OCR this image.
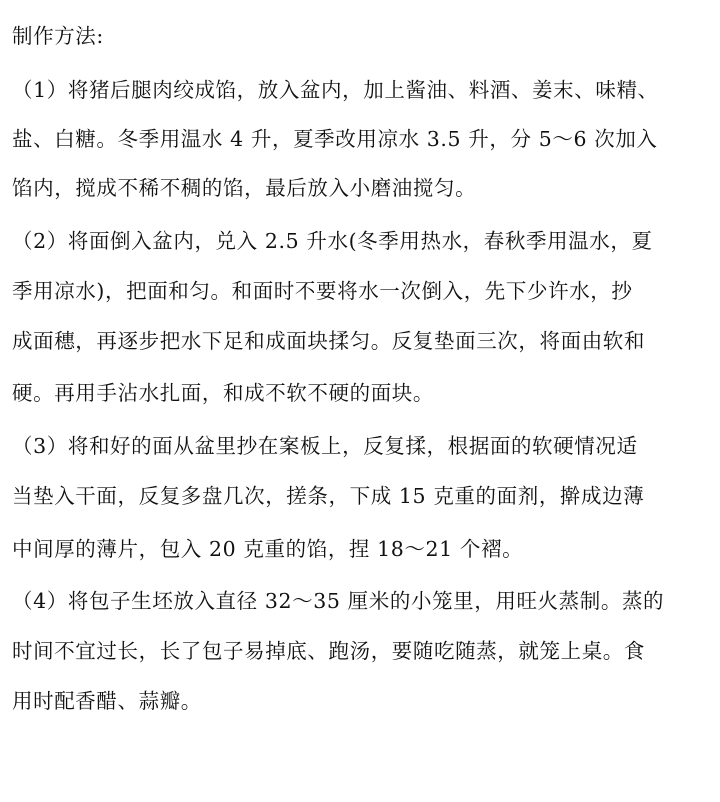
制作方法:
（1）将猪后腿肉绞成馅，放入盆内，加上酱油、料酒、姜末、味精、
盐、白糖。冬季用温水 4 升，夏季改用凉水 3.5 升，分 5～6 次加入
馅内，搅成不稀不稠的馅，最后放入小磨油搅匀。
（2）将面倒入盆内，兑入 2.5 升水(冬季用热水，春秋季用温水，夏
季用凉水)，把面和匀。和面时不要将水一次倒入，先下少许水，抄
成面穗，再逐步把水下足和成面块揉匀。反复垫面三次，将面由软和
硬。再用手沾水扎面，和成不软不硬的面块。
（3）将和好的面从盆里抄在案板上，反复揉，根据面的软硬情况适
当垫入干面，反复多盘几次，搓条，下成 15 克重的面剂，擀成边薄
中间厚的薄片，包入 20 克重的馅，捏 18～21 个褶。
（4）将包子生坯放入直径 32～35 厘米的小笼里，用旺火蒸制。蒸的
时间不宜过长，长了包子易掉底、跑汤，要随吃随蒸，就笼上桌。食
用时配香醋、蒜瓣。
